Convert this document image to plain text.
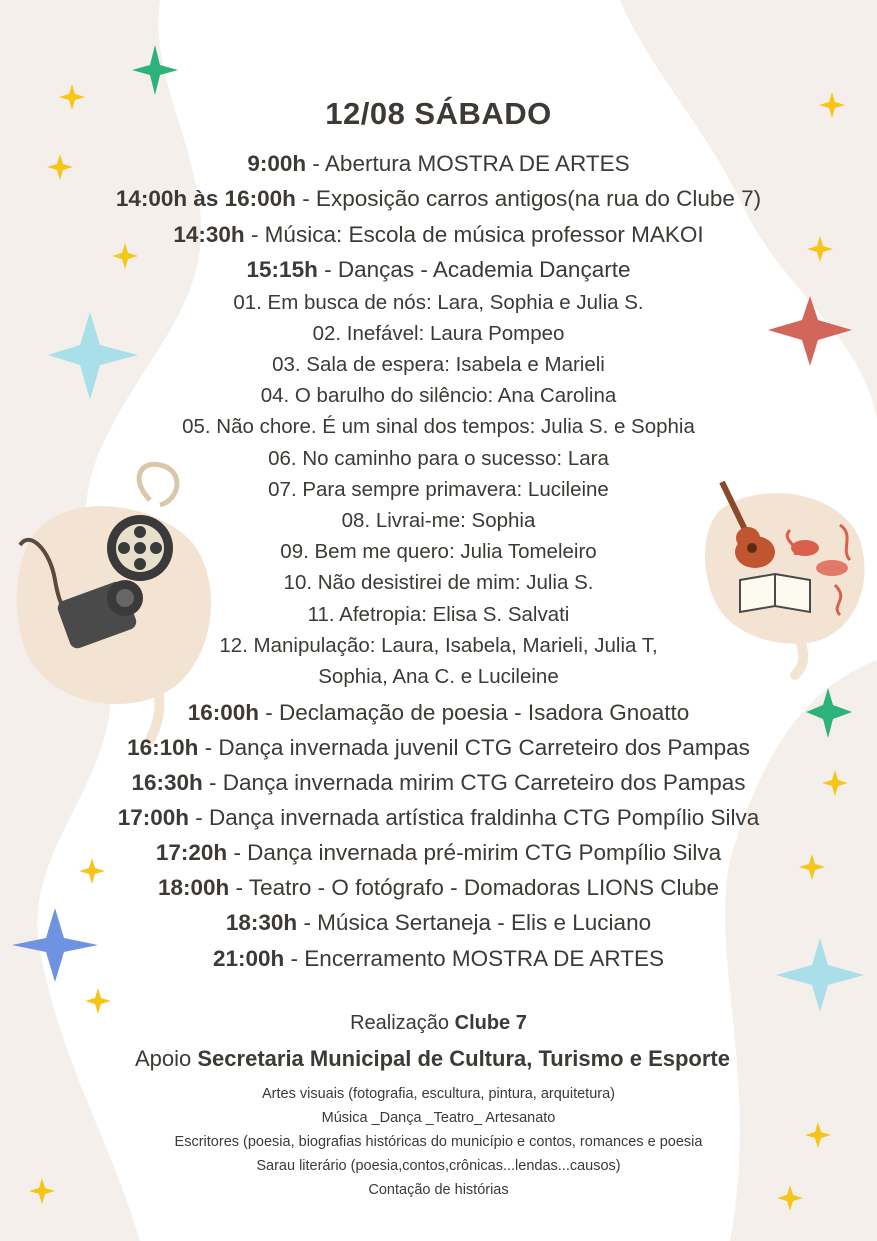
12/08 SÁBADO
9:00h - Abertura MOSTRA DE ARTES
14:00h às 16:00h - Exposição carros antigos(na rua do Clube 7)
14:30h - Música: Escola de música professor MAKOI
15:15h - Danças - Academia Dançarte
01. Em busca de nós: Lara, Sophia e Julia S.
02. Inefável: Laura Pompeo
03. Sala de espera: Isabela e Marieli
04. O barulho do silêncio: Ana Carolina
05. Não chore. É um sinal dos tempos: Julia S. e Sophia
06. No caminho para o sucesso: Lara
07. Para sempre primavera: Lucileine
08. Livrai-me: Sophia
09. Bem me quero: Julia Tomeleiro
10. Não desistirei de mim: Julia S.
11. Afetropia: Elisa S. Salvati
12. Manipulação: Laura, Isabela, Marieli, Julia T,
Sophia, Ana C. e Lucileine
16:00h - Declamação de poesia - Isadora Gnoatto
16:10h - Dança invernada juvenil CTG Carreteiro dos Pampas
16:30h - Dança invernada mirim CTG Carreteiro dos Pampas
17:00h - Dança invernada artística fraldinha CTG Pompílio Silva
17:20h - Dança invernada pré-mirim CTG Pompílio Silva
18:00h - Teatro - O fotógrafo - Domadoras LIONS Clube
18:30h - Música Sertaneja - Elis e Luciano
21:00h - Encerramento MOSTRA DE ARTES
Realização Clube 7
Apoio Secretaria Municipal de Cultura, Turismo e Esporte
Artes visuais (fotografia, escultura, pintura, arquitetura)
Música _Dança _Teatro_ Artesanato
Escritores (poesia, biografias históricas do município e contos, romances e poesia
Sarau literário (poesia,contos,crônicas...lendas...causos)
Contação de histórias
